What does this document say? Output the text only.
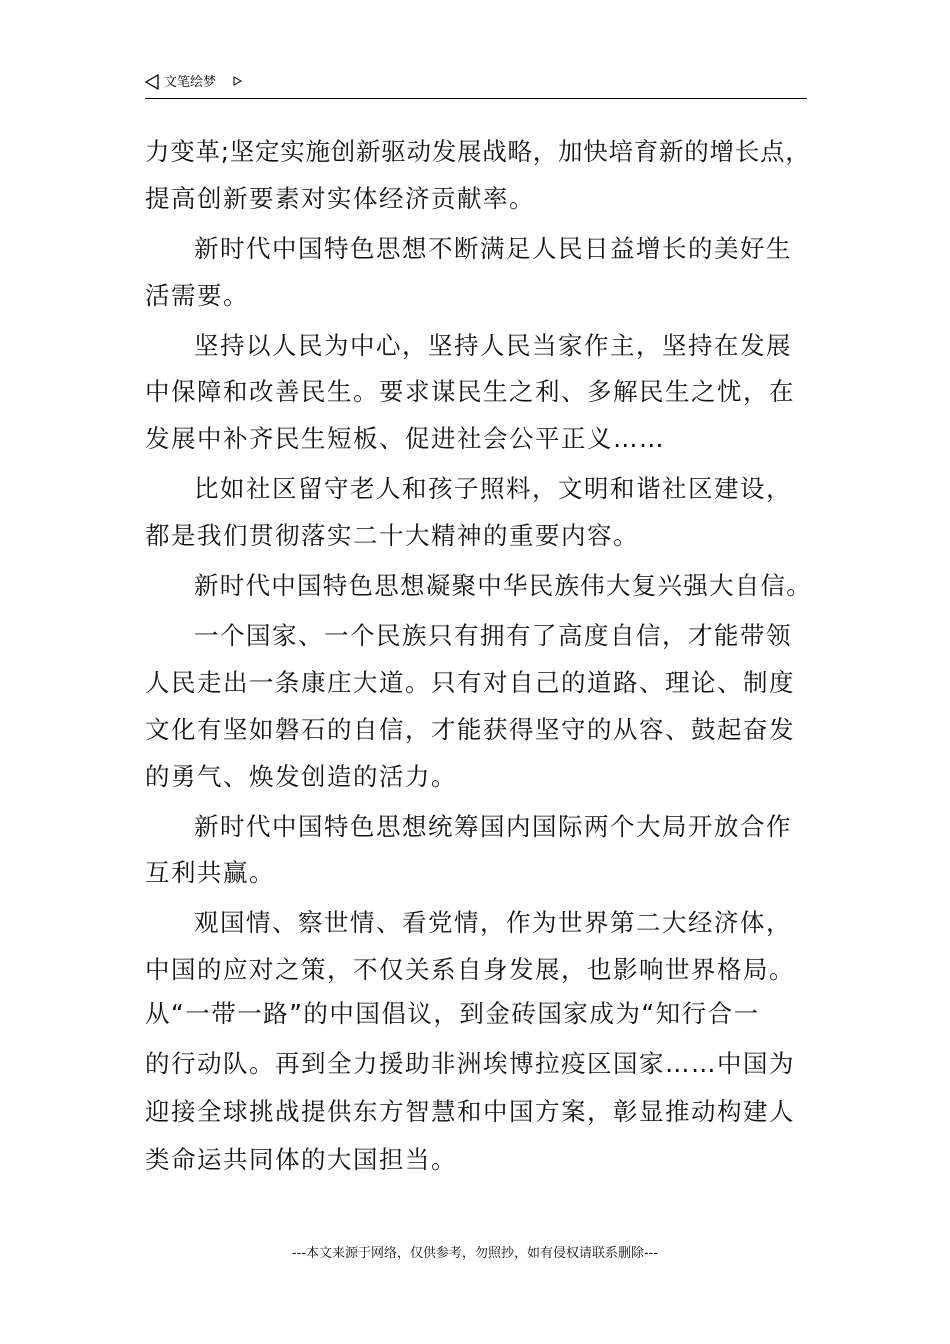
文笔绘梦
力变革;坚定实施创新驱动发展战略，加快培育新的增长点，
提高创新要素对实体经济贡献率。
新时代中国特色思想不断满足人民日益增长的美好生
活需要。
坚持以人民为中心，坚持人民当家作主，坚持在发展
中保障和改善民生。要求谋民生之利、多解民生之忧，在
发展中补齐民生短板、促进社会公平正义……
比如社区留守老人和孩子照料，文明和谐社区建设，
都是我们贯彻落实二十大精神的重要内容。
新时代中国特色思想凝聚中华民族伟大复兴强大自信。
一个国家、一个民族只有拥有了高度自信，才能带领
人民走出一条康庄大道。只有对自己的道路、理论、制度
文化有坚如磐石的自信，才能获得坚守的从容、鼓起奋发
的勇气、焕发创造的活力。
新时代中国特色思想统筹国内国际两个大局开放合作
互利共赢。
观国情、察世情、看党情，作为世界第二大经济体，
中国的应对之策，不仅关系自身发展，也影响世界格局。
从“一带一路”的中国倡议，到金砖国家成为“知行合一
的行动队。再到全力援助非洲埃博拉疫区国家……中国为
迎接全球挑战提供东方智慧和中国方案，彰显推动构建人
类命运共同体的大国担当。
---本文来源于网络，仅供参考，勿照抄，如有侵权请联系删除---
